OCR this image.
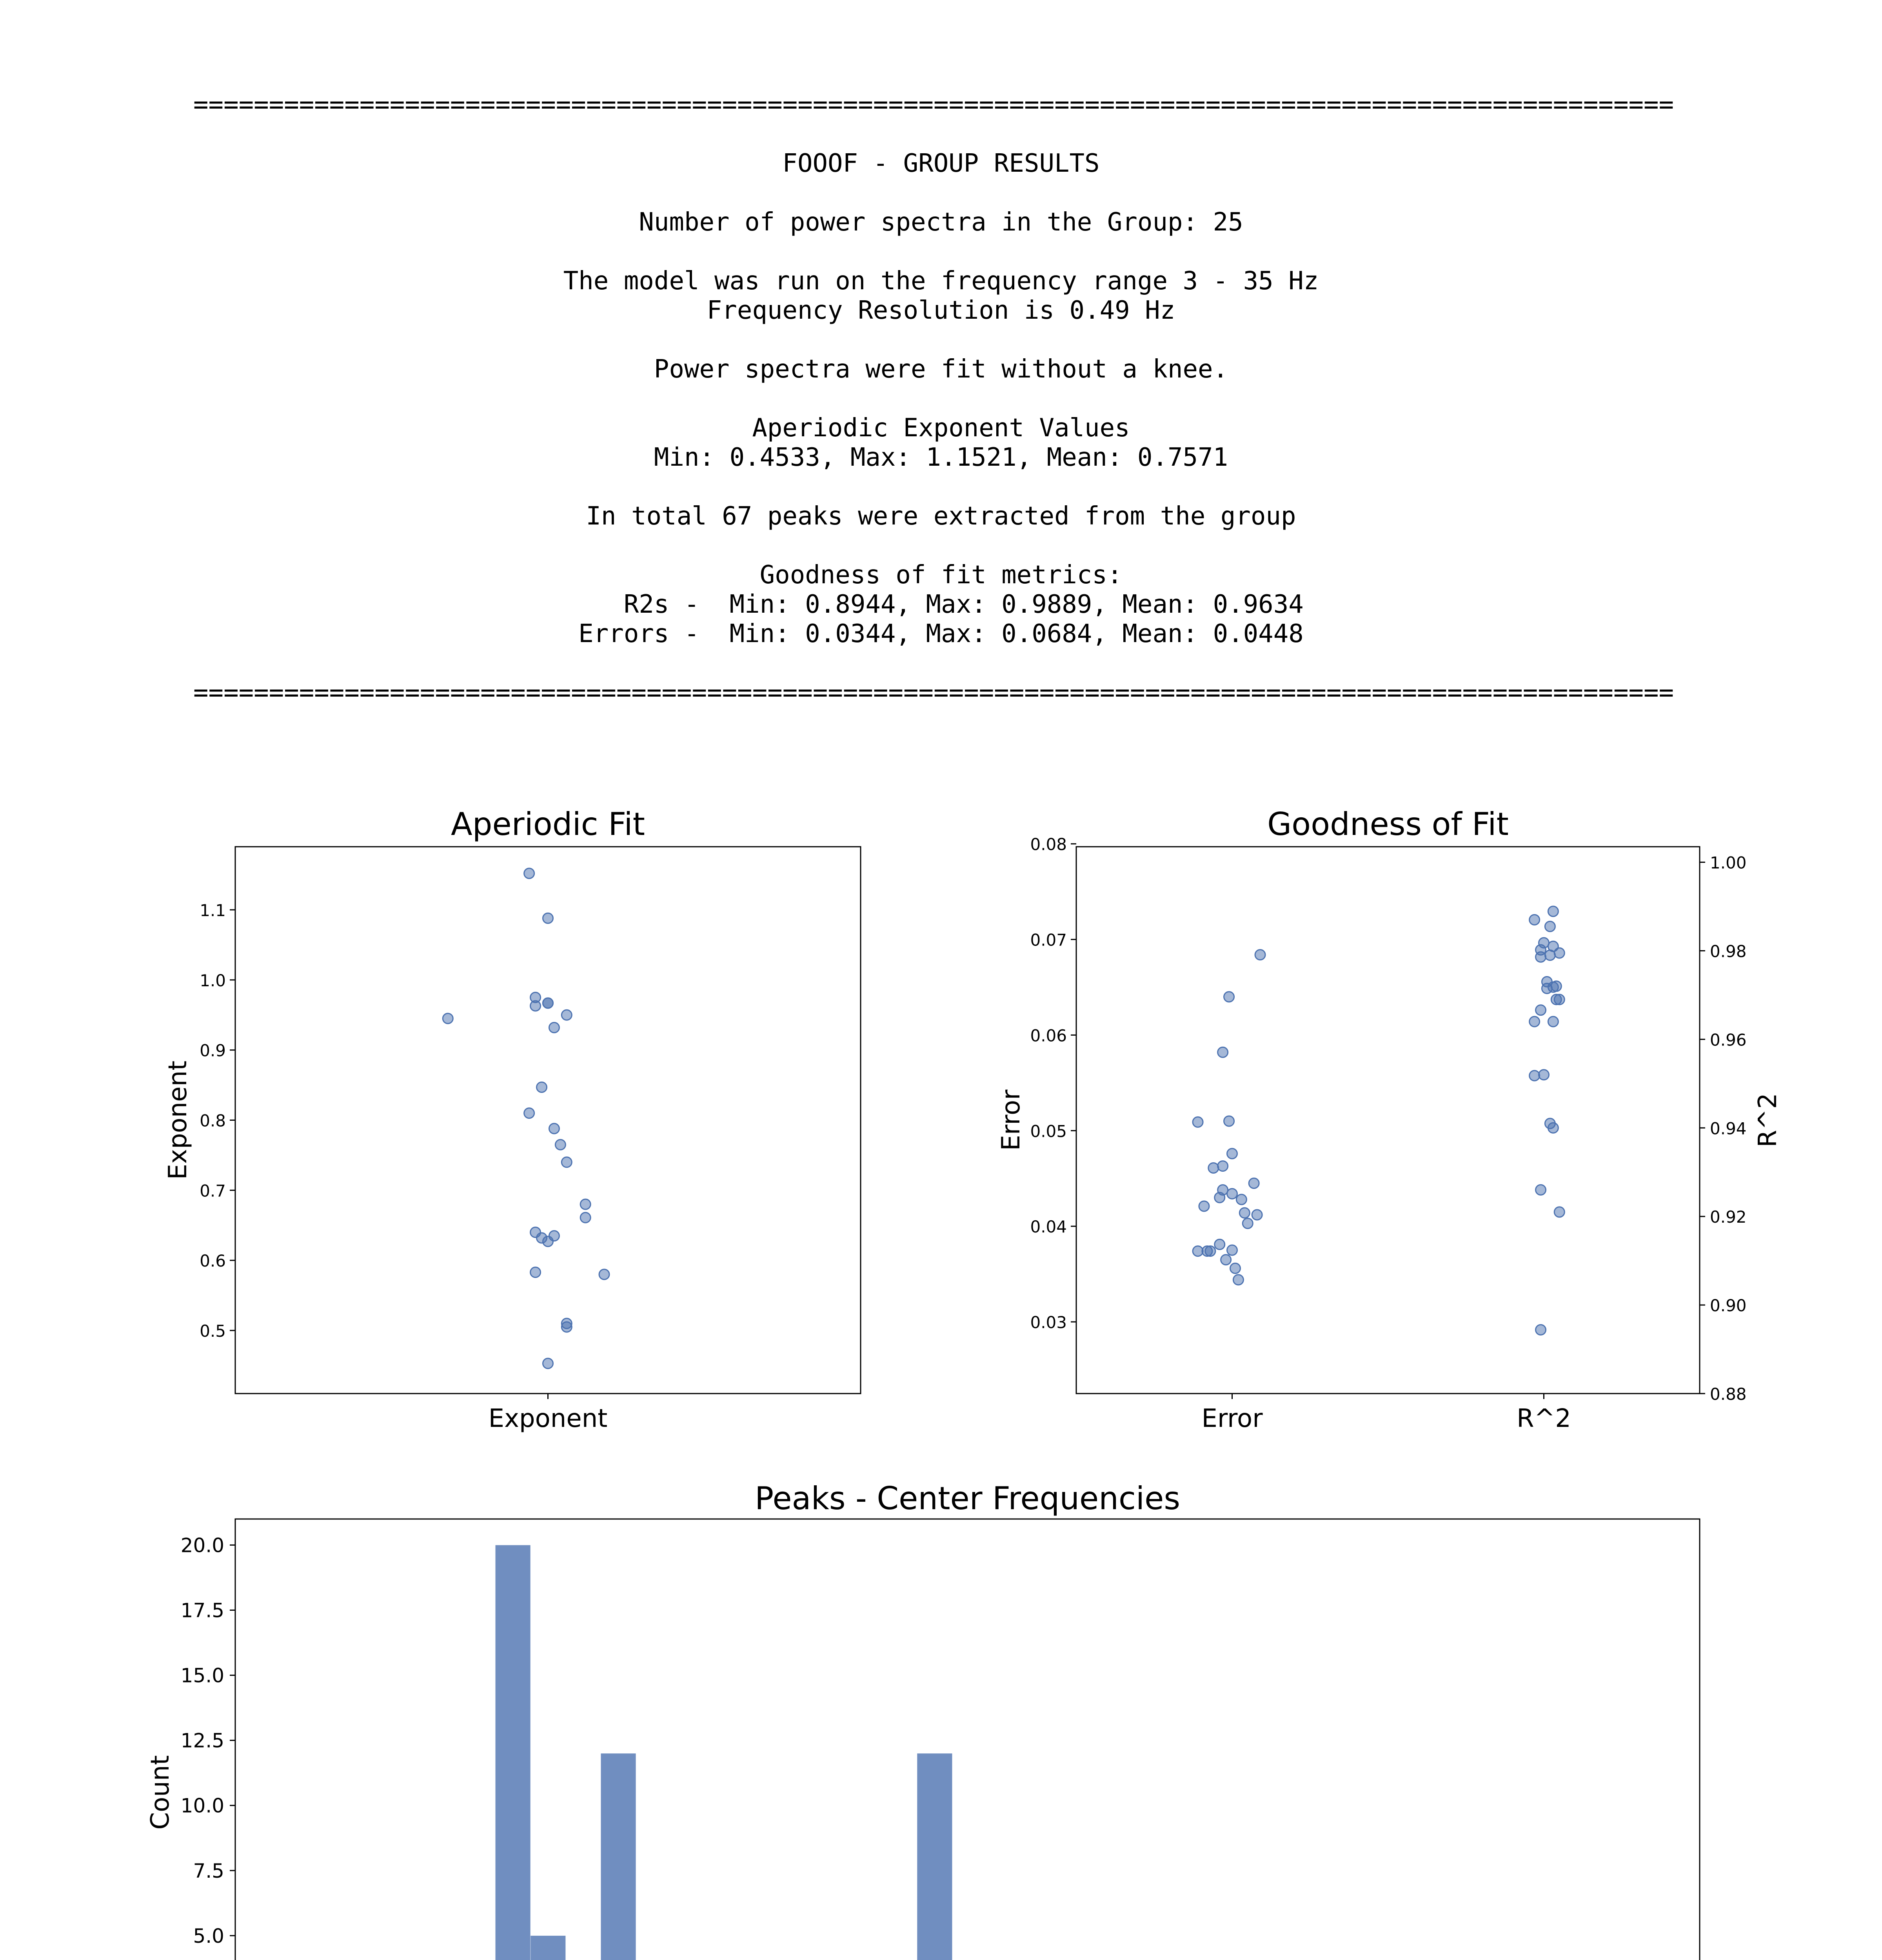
==================================================================================================
FOOOF - GROUP RESULTS
Number of power spectra in the Group: 25
The model was run on the frequency range 3 - 35 Hz
Frequency Resolution is 0.49 Hz
Power spectra were fit without a knee.
Aperiodic Exponent Values
Min: 0.4533, Max: 1.1521, Mean: 0.7571
In total 67 peaks were extracted from the group
Goodness of fit metrics:
R2s -  Min: 0.8944, Max: 0.9889, Mean: 0.9634
Errors -  Min: 0.0344, Max: 0.0684, Mean: 0.0448
==================================================================================================
Aperiodic Fit
0.5
0.6
0.7
0.8
0.9
1.0
1.1
Exponent
Exponent
Goodness of Fit
0.03
0.04
0.05
0.06
0.07
0.08
0.88
0.90
0.92
0.94
0.96
0.98
1.00
Error	R^2
Error	R^2
Peaks - Center Frequencies
5.0
7.5
10.0
12.5
15.0
17.5
20.0
Count
